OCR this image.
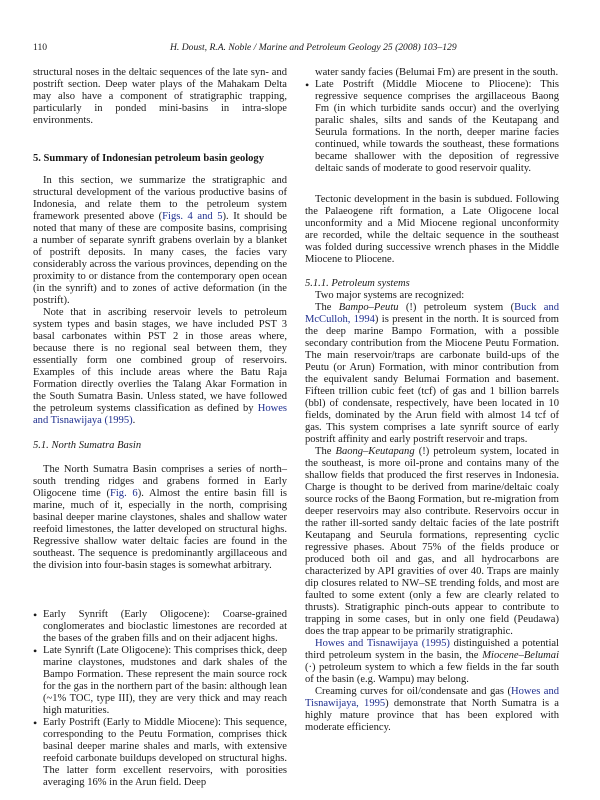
110	H. Doust, R.A. Noble / Marine and Petroleum Geology 25 (2008) 103–129

structural noses in the deltaic sequences of the late syn- and postrift section. Deep water plays of the Mahakam Delta may also have a component of stratigraphic trapping, particularly in ponded mini-basins in intra-slope environments.

5. Summary of Indonesian petroleum basin geology

In this section, we summarize the stratigraphic and structural development of the various productive basins of Indonesia, and relate them to the petroleum system framework presented above (Figs. 4 and 5). It should be noted that many of these are composite basins, comprising a number of separate synrift grabens overlain by a blanket of postrift deposits. In many cases, the facies vary considerably across the various provinces, depending on the proximity to or distance from the contemporary open ocean (in the synrift) and to zones of active deformation (in the postrift).

Note that in ascribing reservoir levels to petroleum system types and basin stages, we have included PST 3 basal carbonates within PST 2 in those areas where, because there is no regional seal between them, they essentially form one combined group of reservoirs. Examples of this include areas where the Batu Raja Formation directly overlies the Talang Akar Formation in the South Sumatra Basin. Unless stated, we have followed the petroleum systems classification as defined by Howes and Tisnawijaya (1995).

5.1. North Sumatra Basin

The North Sumatra Basin comprises a series of north–south trending ridges and grabens formed in Early Oligocene time (Fig. 6). Almost the entire basin fill is marine, much of it, especially in the north, comprising basinal deeper marine claystones, shales and shallow water reefoid limestones, the latter developed on structural highs. Regressive shallow water deltaic facies are found in the southeast. The sequence is predominantly argillaceous and the division into four-basin stages is somewhat arbitrary.

• Early Synrift (Early Oligocene): Coarse-grained conglomerates and bioclastic limestones are recorded at the bases of the graben fills and on their adjacent highs.
• Late Synrift (Late Oligocene): This comprises thick, deep marine claystones, mudstones and dark shales of the Bampo Formation. These represent the main source rock for the gas in the northern part of the basin: although lean (~1% TOC, type III), they are very thick and may reach high maturities.
• Early Postrift (Early to Middle Miocene): This sequence, corresponding to the Peutu Formation, comprises thick basinal deeper marine shales and marls, with extensive reefoid carbonate buildups developed on structural highs. The latter form excellent reservoirs, with porosities averaging 16% in the Arun field. Deep

water sandy facies (Belumai Fm) are present in the south.

• Late Postrift (Middle Miocene to Pliocene): This regressive sequence comprises the argillaceous Baong Fm (in which turbidite sands occur) and the overlying paralic shales, silts and sands of the Keutapang and Seurula formations. In the north, deeper marine facies continued, while towards the southeast, these formations became shallower with the deposition of regressive deltaic sands of moderate to good reservoir quality.

Tectonic development in the basin is subdued. Following the Palaeogene rift formation, a Late Oligocene local unconformity and a Mid Miocene regional unconformity are recorded, while the deltaic sequence in the southeast was folded during successive wrench phases in the Middle Miocene to Pliocene.

5.1.1. Petroleum systems

Two major systems are recognized:

The Bampo–Peutu (!) petroleum system (Buck and McCulloh, 1994) is present in the north. It is sourced from the deep marine Bampo Formation, with a possible secondary contribution from the Miocene Peutu Formation. The main reservoir/traps are carbonate build-ups of the Peutu (or Arun) Formation, with minor contribution from the equivalent sandy Belumai Formation and basement. Fifteen trillion cubic feet (tcf) of gas and 1 billion barrels (bbl) of condensate, respectively, have been located in 10 fields, dominated by the Arun field with almost 14 tcf of gas. This system comprises a late synrift source of early postrift affinity and early postrift reservoir and traps.

The Baong–Keutapang (!) petroleum system, located in the southeast, is more oil-prone and contains many of the shallow fields that produced the first reserves in Indonesia. Charge is thought to be derived from marine/deltaic coaly source rocks of the Baong Formation, but re-migration from deeper reservoirs may also contribute. Reservoirs occur in the rather ill-sorted sandy deltaic facies of the late postrift Keutapang and Seurula formations, representing cyclic regressive phases. About 75% of the fields produce or produced both oil and gas, and all hydrocarbons are characterized by API gravities of over 40. Traps are mainly dip closures related to NW–SE trending folds, and most are faulted to some extent (only a few are clearly related to thrusts). Stratigraphic pinch-outs appear to contribute to trapping in some cases, but in only one field (Peudawa) does the trap appear to be primarily stratigraphic.

Howes and Tisnawijaya (1995) distinguished a potential third petroleum system in the basin, the Miocene–Belumai (·) petroleum system to which a few fields in the far south of the basin (e.g. Wampu) may belong.

Creaming curves for oil/condensate and gas (Howes and Tisnawijaya, 1995) demonstrate that North Sumatra is a highly mature province that has been explored with moderate efficiency.
